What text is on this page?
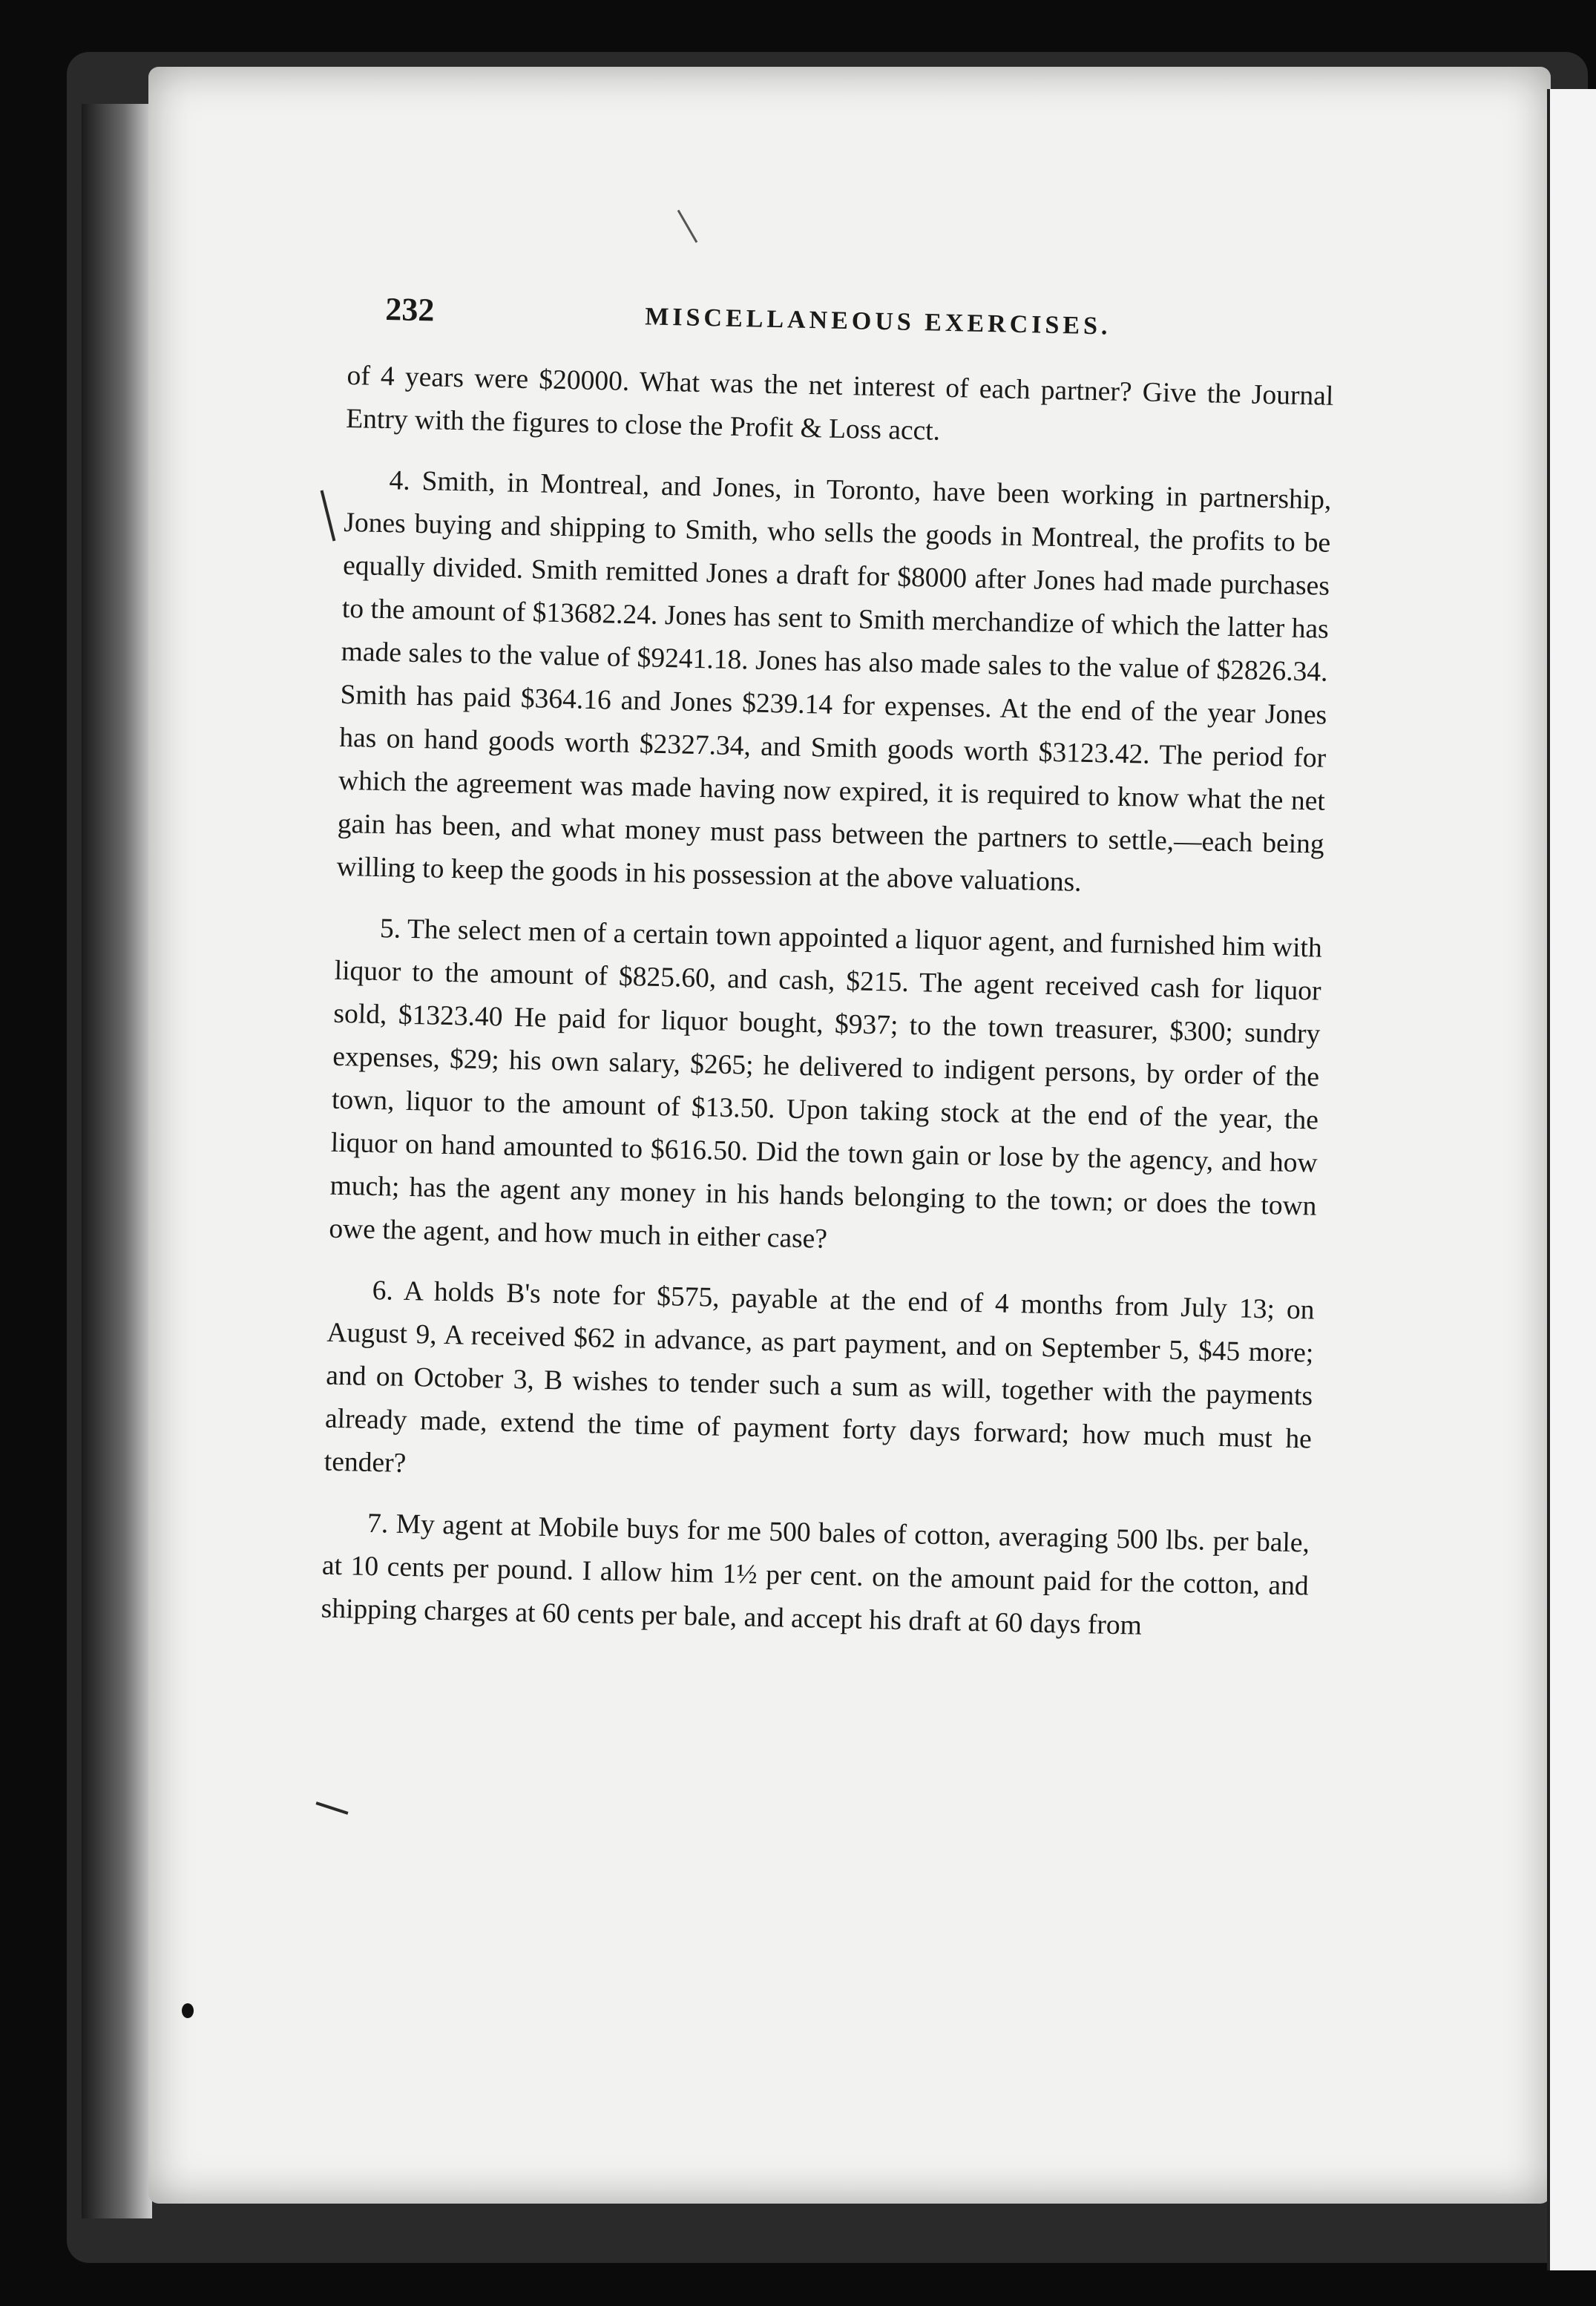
232	MISCELLANEOUS EXERCISES.

of 4 years were $20000. What was the net interest of each partner? Give the Journal Entry with the figures to close the Profit & Loss acct.

4. Smith, in Montreal, and Jones, in Toronto, have been working in partnership, Jones buying and shipping to Smith, who sells the goods in Montreal, the profits to be equally divided. Smith remitted Jones a draft for $8000 after Jones had made purchases to the amount of $13682.24. Jones has sent to Smith merchandize of which the latter has made sales to the value of $9241.18. Jones has also made sales to the value of $2826.34. Smith has paid $364.16 and Jones $239.14 for expenses. At the end of the year Jones has on hand goods worth $2327.34, and Smith goods worth $3123.42. The period for which the agreement was made having now expired, it is required to know what the net gain has been, and what money must pass between the partners to settle,—each being willing to keep the goods in his possession at the above valuations.

5. The select men of a certain town appointed a liquor agent, and furnished him with liquor to the amount of $825.60, and cash, $215. The agent received cash for liquor sold, $1323.40 He paid for liquor bought, $937; to the town treasurer, $300; sundry expenses, $29; his own salary, $265; he delivered to indigent persons, by order of the town, liquor to the amount of $13.50. Upon taking stock at the end of the year, the liquor on hand amounted to $616.50. Did the town gain or lose by the agency, and how much; has the agent any money in his hands belonging to the town; or does the town owe the agent, and how much in either case?

6. A holds B's note for $575, payable at the end of 4 months from July 13; on August 9, A received $62 in advance, as part payment, and on September 5, $45 more; and on October 3, B wishes to tender such a sum as will, together with the payments already made, extend the time of payment forty days forward; how much must he tender?

7. My agent at Mobile buys for me 500 bales of cotton, averaging 500 lbs. per bale, at 10 cents per pound. I allow him 1½ per cent. on the amount paid for the cotton, and shipping charges at 60 cents per bale, and accept his draft at 60 days from
